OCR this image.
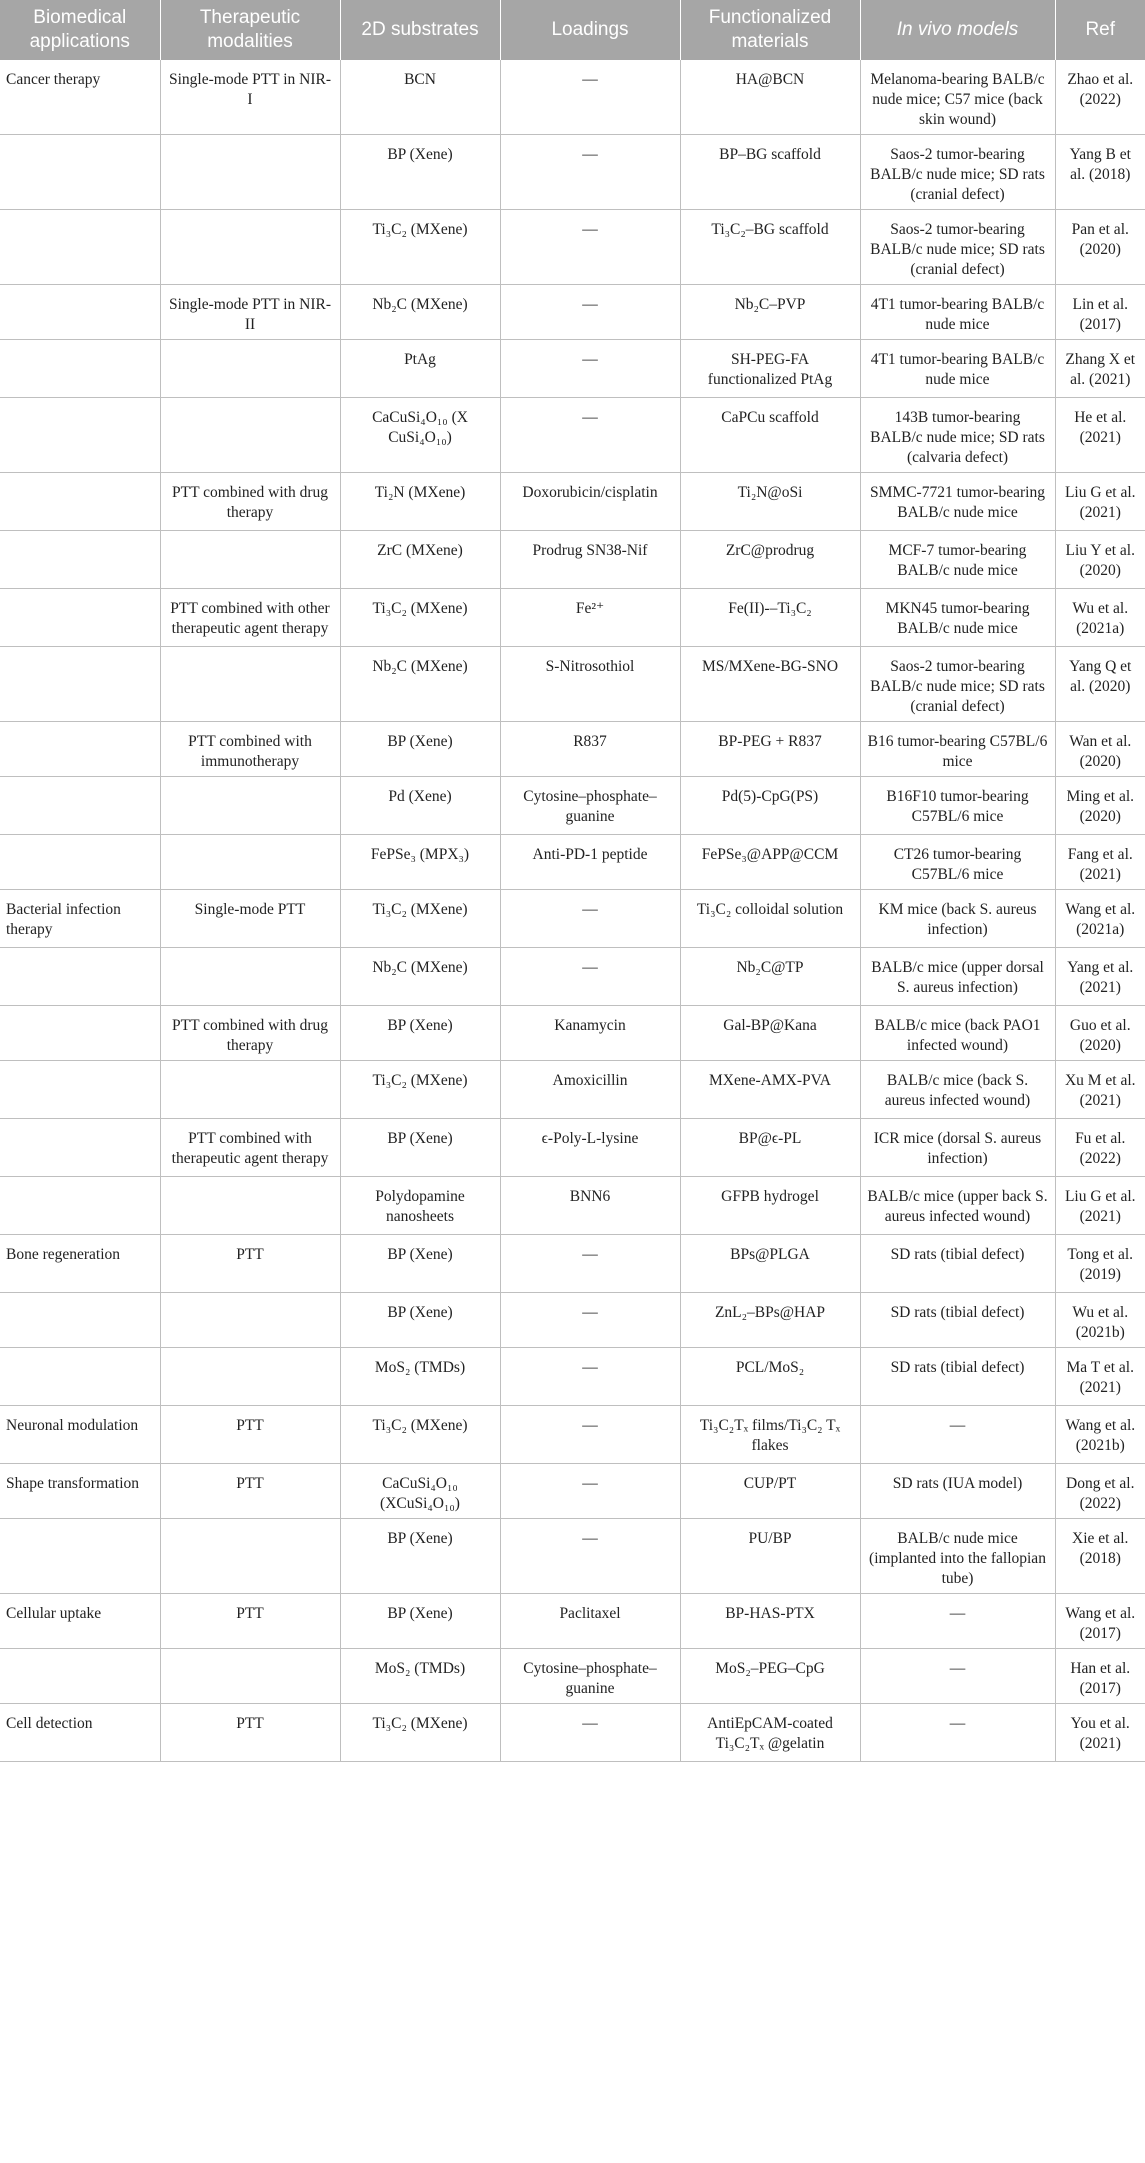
Biomedical applications	Therapeutic modalities	2D substrates	Loadings	Functionalized materials	In vivo models	Ref
Cancer therapy	Single-mode PTT in NIR-I	BCN	—	HA@BCN	Melanoma-bearing BALB/c nude mice; C57 mice (back skin wound)	Zhao et al. (2022)
		BP (Xene)	—	BP–BG scaffold	Saos-2 tumor-bearing BALB/c nude mice; SD rats (cranial defect)	Yang B et al. (2018)
		Ti₃C₂ (MXene)	—	Ti₃C₂–BG scaffold	Saos-2 tumor-bearing BALB/c nude mice; SD rats (cranial defect)	Pan et al. (2020)
	Single-mode PTT in NIR-II	Nb₂C (MXene)	—	Nb₂C–PVP	4T1 tumor-bearing BALB/c nude mice	Lin et al. (2017)
		PtAg	—	SH-PEG-FA functionalized PtAg	4T1 tumor-bearing BALB/c nude mice	Zhang X et al. (2021)
		CaCuSi₄O₁₀ (X CuSi₄O₁₀)	—	CaPCu scaffold	143B tumor-bearing BALB/c nude mice; SD rats (calvaria defect)	He et al. (2021)
	PTT combined with drug therapy	Ti₂N (MXene)	Doxorubicin/cisplatin	Ti₂N@oSi	SMMC-7721 tumor-bearing BALB/c nude mice	Liu G et al. (2021)
		ZrC (MXene)	Prodrug SN38-Nif	ZrC@prodrug	MCF-7 tumor-bearing BALB/c nude mice	Liu Y et al. (2020)
	PTT combined with other therapeutic agent therapy	Ti₃C₂ (MXene)	Fe²⁺	Fe(II)-–Ti₃C₂	MKN45 tumor-bearing BALB/c nude mice	Wu et al. (2021a)
		Nb₂C (MXene)	S-Nitrosothiol	MS/MXene-BG-SNO	Saos-2 tumor-bearing BALB/c nude mice; SD rats (cranial defect)	Yang Q et al. (2020)
	PTT combined with immunotherapy	BP (Xene)	R837	BP-PEG + R837	B16 tumor-bearing C57BL/6 mice	Wan et al. (2020)
		Pd (Xene)	Cytosine–phosphate–guanine	Pd(5)-CpG(PS)	B16F10 tumor-bearing C57BL/6 mice	Ming et al. (2020)
		FePSe₃ (MPX₃)	Anti-PD-1 peptide	FePSe₃@APP@CCM	CT26 tumor-bearing C57BL/6 mice	Fang et al. (2021)
Bacterial infection therapy	Single-mode PTT	Ti₃C₂ (MXene)	—	Ti₃C₂ colloidal solution	KM mice (back S. aureus infection)	Wang et al. (2021a)
		Nb₂C (MXene)	—	Nb₂C@TP	BALB/c mice (upper dorsal S. aureus infection)	Yang et al. (2021)
	PTT combined with drug therapy	BP (Xene)	Kanamycin	Gal-BP@Kana	BALB/c mice (back PAO1 infected wound)	Guo et al. (2020)
		Ti₃C₂ (MXene)	Amoxicillin	MXene-AMX-PVA	BALB/c mice (back S. aureus infected wound)	Xu M et al. (2021)
	PTT combined with therapeutic agent therapy	BP (Xene)	ϵ-Poly-L-lysine	BP@ϵ-PL	ICR mice (dorsal S. aureus infection)	Fu et al. (2022)
		Polydopamine nanosheets	BNN6	GFPB hydrogel	BALB/c mice (upper back S. aureus infected wound)	Liu G et al. (2021)
Bone regeneration	PTT	BP (Xene)	—	BPs@PLGA	SD rats (tibial defect)	Tong et al. (2019)
		BP (Xene)	—	ZnL₂–BPs@HAP	SD rats (tibial defect)	Wu et al. (2021b)
		MoS₂ (TMDs)	—	PCL/MoS₂	SD rats (tibial defect)	Ma T et al. (2021)
Neuronal modulation	PTT	Ti₃C₂ (MXene)	—	Ti₃C₂Tₓ films/Ti₃C₂ Tₓ flakes	—	Wang et al. (2021b)
Shape transformation	PTT	CaCuSi₄O₁₀ (XCuSi₄O₁₀)	—	CUP/PT	SD rats (IUA model)	Dong et al. (2022)
		BP (Xene)	—	PU/BP	BALB/c nude mice (implanted into the fallopian tube)	Xie et al. (2018)
Cellular uptake	PTT	BP (Xene)	Paclitaxel	BP-HAS-PTX	—	Wang et al. (2017)
		MoS₂ (TMDs)	Cytosine–phosphate–guanine	MoS₂–PEG–CpG	—	Han et al. (2017)
Cell detection	PTT	Ti₃C₂ (MXene)	—	AntiEpCAM-coated Ti₃C₂Tₓ @gelatin	—	You et al. (2021)
